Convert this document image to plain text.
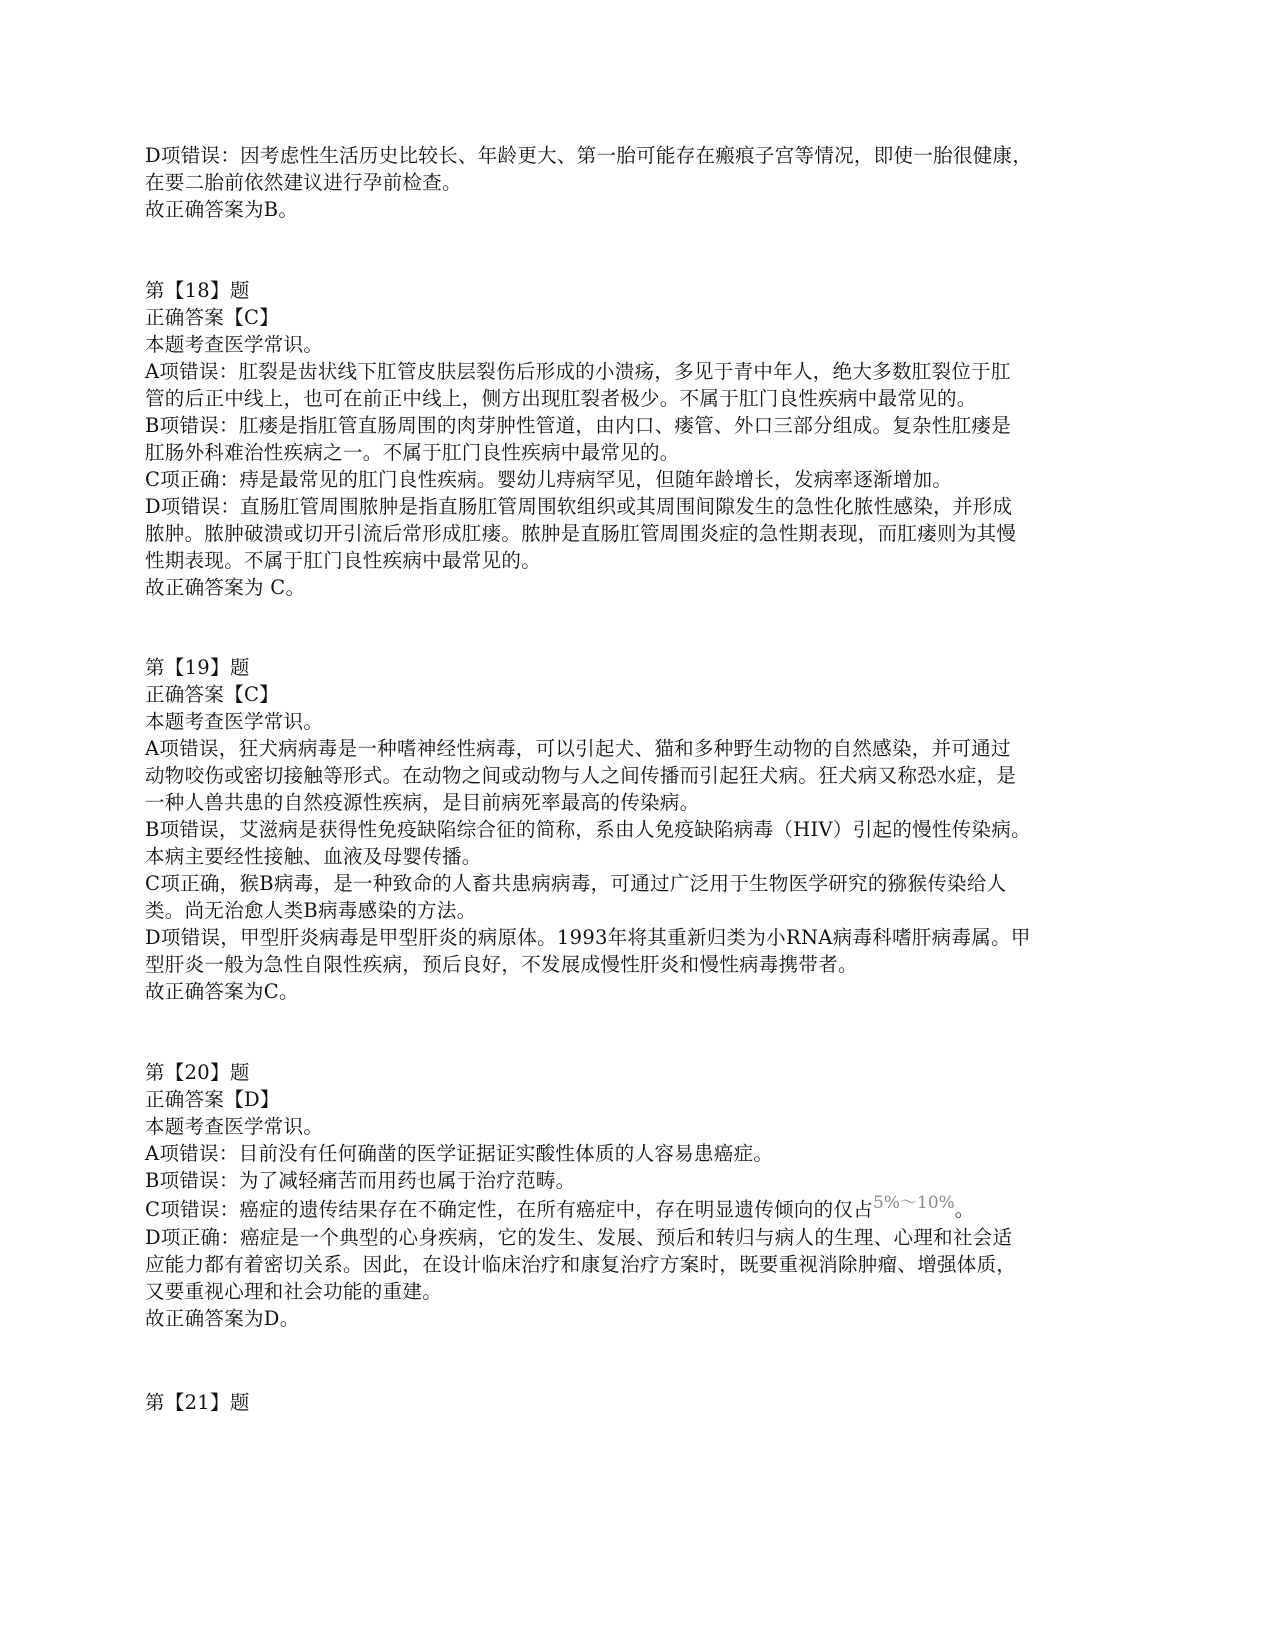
D项错误：因考虑性生活历史比较长、年龄更大、第一胎可能存在瘢痕子宫等情况，即使一胎很健康，
在要二胎前依然建议进行孕前检查。
故正确答案为B。
第【18】题
正确答案【C】
本题考查医学常识。
A项错误：肛裂是齿状线下肛管皮肤层裂伤后形成的小溃疡，多见于青中年人，绝大多数肛裂位于肛
管的后正中线上，也可在前正中线上，侧方出现肛裂者极少。不属于肛门良性疾病中最常见的。
B项错误：肛瘘是指肛管直肠周围的肉芽肿性管道，由内口、瘘管、外口三部分组成。复杂性肛瘘是
肛肠外科难治性疾病之一。不属于肛门良性疾病中最常见的。
C项正确：痔是最常见的肛门良性疾病。婴幼儿痔病罕见，但随年龄增长，发病率逐渐增加。
D项错误：直肠肛管周围脓肿是指直肠肛管周围软组织或其周围间隙发生的急性化脓性感染，并形成
脓肿。脓肿破溃或切开引流后常形成肛瘘。脓肿是直肠肛管周围炎症的急性期表现，而肛瘘则为其慢
性期表现。不属于肛门良性疾病中最常见的。
故正确答案为 C。
第【19】题
正确答案【C】
本题考查医学常识。
A项错误，狂犬病病毒是一种嗜神经性病毒，可以引起犬、猫和多种野生动物的自然感染，并可通过
动物咬伤或密切接触等形式。在动物之间或动物与人之间传播而引起狂犬病。狂犬病又称恐水症，是
一种人兽共患的自然疫源性疾病，是目前病死率最高的传染病。
B项错误，艾滋病是获得性免疫缺陷综合征的简称，系由人免疫缺陷病毒（HIV）引起的慢性传染病。
本病主要经性接触、血液及母婴传播。
C项正确，猴B病毒，是一种致命的人畜共患病病毒，可通过广泛用于生物医学研究的猕猴传染给人
类。尚无治愈人类B病毒感染的方法。
D项错误，甲型肝炎病毒是甲型肝炎的病原体。1993年将其重新归类为小RNA病毒科嗜肝病毒属。甲
型肝炎一般为急性自限性疾病，预后良好，不发展成慢性肝炎和慢性病毒携带者。
故正确答案为C。
第【20】题
正确答案【D】
本题考查医学常识。
A项错误：目前没有任何确凿的医学证据证实酸性体质的人容易患癌症。
B项错误：为了减轻痛苦而用药也属于治疗范畴。
C项错误：癌症的遗传结果存在不确定性，在所有癌症中，存在明显遗传倾向的仅占5%～10%。
D项正确：癌症是一个典型的心身疾病，它的发生、发展、预后和转归与病人的生理、心理和社会适
应能力都有着密切关系。因此，在设计临床治疗和康复治疗方案时，既要重视消除肿瘤、增强体质，
又要重视心理和社会功能的重建。
故正确答案为D。
第【21】题
